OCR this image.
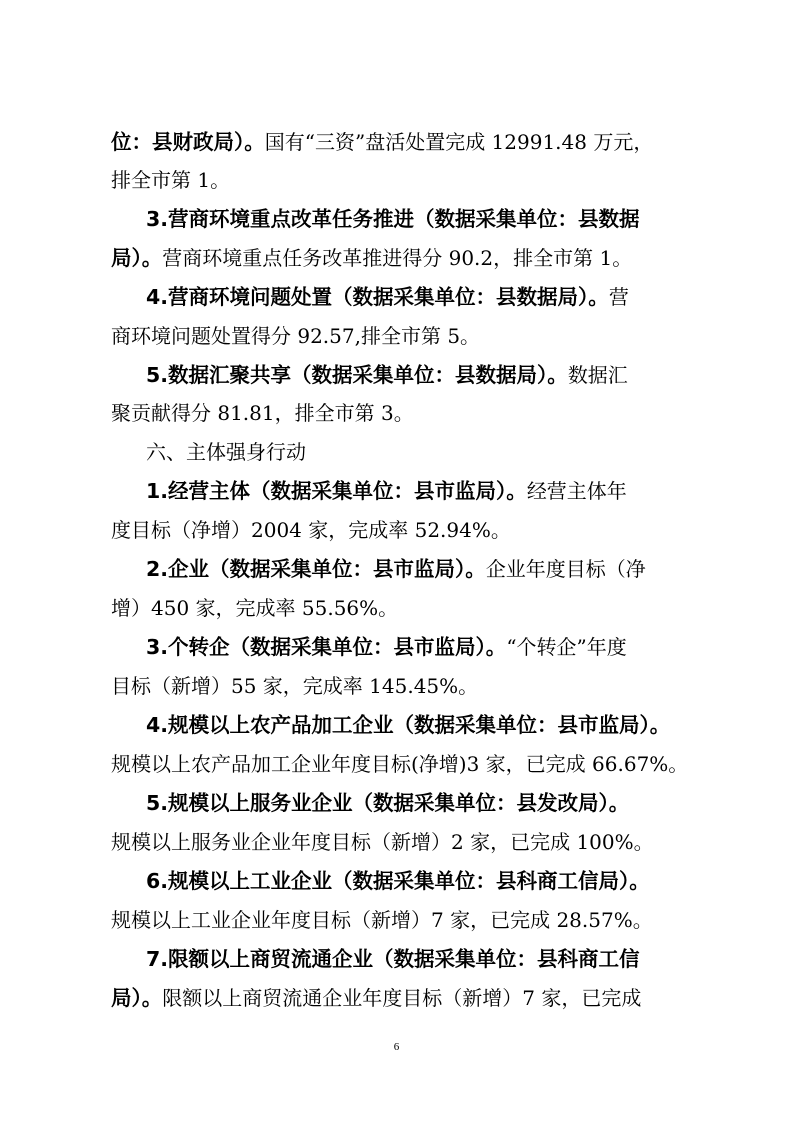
位：县财政局）。国有“三资”盘活处置完成 12991.48 万元，
排全市第 1。
3.营商环境重点改革任务推进（数据采集单位：县数据
局）。营商环境重点任务改革推进得分 90.2，排全市第 1。
4.营商环境问题处置（数据采集单位：县数据局）。营
商环境问题处置得分 92.57,排全市第 5。
5.数据汇聚共享（数据采集单位：县数据局）。数据汇
聚贡献得分 81.81，排全市第 3。
六、主体强身行动
1.经营主体（数据采集单位：县市监局）。经营主体年
度目标（净增）2004 家，完成率 52.94%。
2.企业（数据采集单位：县市监局）。企业年度目标（净
增）450 家，完成率 55.56%。
3.个转企（数据采集单位：县市监局）。“个转企”年度
目标（新增）55 家，完成率 145.45%。
4.规模以上农产品加工企业（数据采集单位：县市监局）。
规模以上农产品加工企业年度目标(净增)3 家，已完成 66.67%。
5.规模以上服务业企业（数据采集单位：县发改局）。
规模以上服务业企业年度目标（新增）2 家，已完成 100%。
6.规模以上工业企业（数据采集单位：县科商工信局）。
规模以上工业企业年度目标（新增）7 家，已完成 28.57%。
7.限额以上商贸流通企业（数据采集单位：县科商工信
局）。限额以上商贸流通企业年度目标（新增）7 家，已完成
6
